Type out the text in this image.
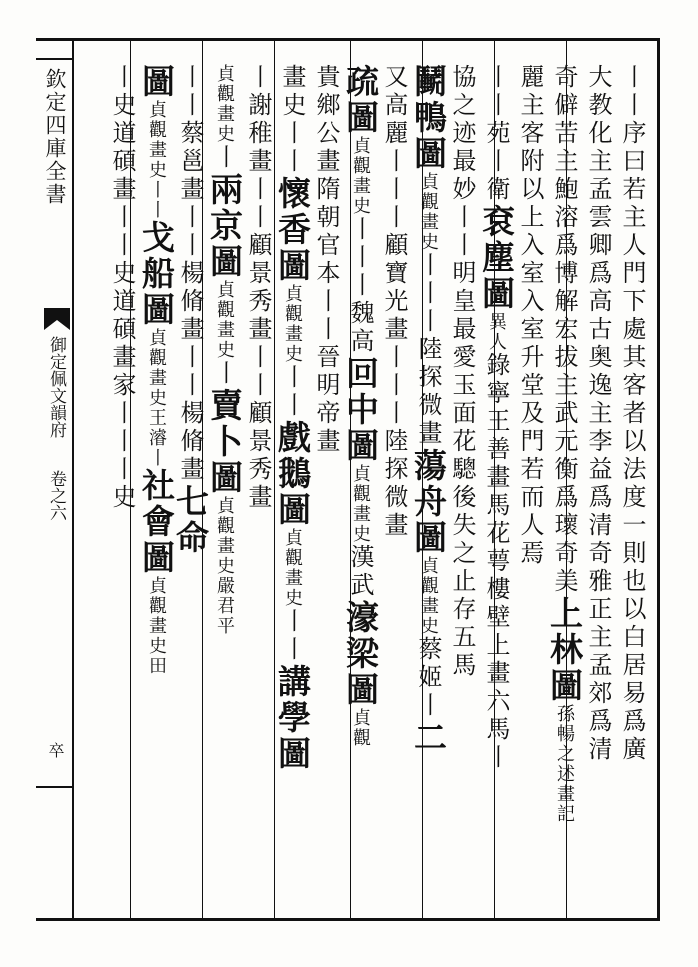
欽定四庫全書
御定佩文韻府
卷之六
卒	丨丨序曰若主人門下處其客者以法度一則也以白居易爲廣
大教化主孟雲卿爲高古奥逸主李益爲清奇雅正主孟郊爲清
奇僻苦主鮑溶爲博解宏拔主武元衡爲瓌奇美上林圖孫暢之述畫記
麗主客附以上入室入室升堂及門若而人焉
丨丨苑丨衛袞塵圖異人錄寧王善畫馬花萼樓壁上畫六馬丨
協之迹最妙丨丨明皇最愛玉面花驄後失之止存五馬
鬭鴨圖貞觀畫史丨丨丨陸探微畫蕩舟圖貞觀畫史蔡姬丨二
又高麗丨丨丨顧寶光畫丨丨丨陸探微畫
疏圖貞觀畫史丨丨丨魏高回中圖貞觀畫史漢武濠梁圖貞觀
貴鄉公畫隋朝官本丨丨晉明帝畫
畫史丨丨懷香圖貞觀畫史丨丨戲鵝圖貞觀畫史丨丨講學圖
丨謝稚畫丨丨顧景秀畫丨丨顧景秀畫
貞觀畫史丨兩京圖貞觀畫史丨賣卜圖貞觀畫史嚴君平
丨丨蔡邕畫丨丨楊脩畫丨丨楊脩畫七命
圖貞觀畫史丨丨戈船圖貞觀畫史王濬丨社會圖貞觀畫史田
丨史道碩畫丨丨史道碩畫家丨丨丨史
